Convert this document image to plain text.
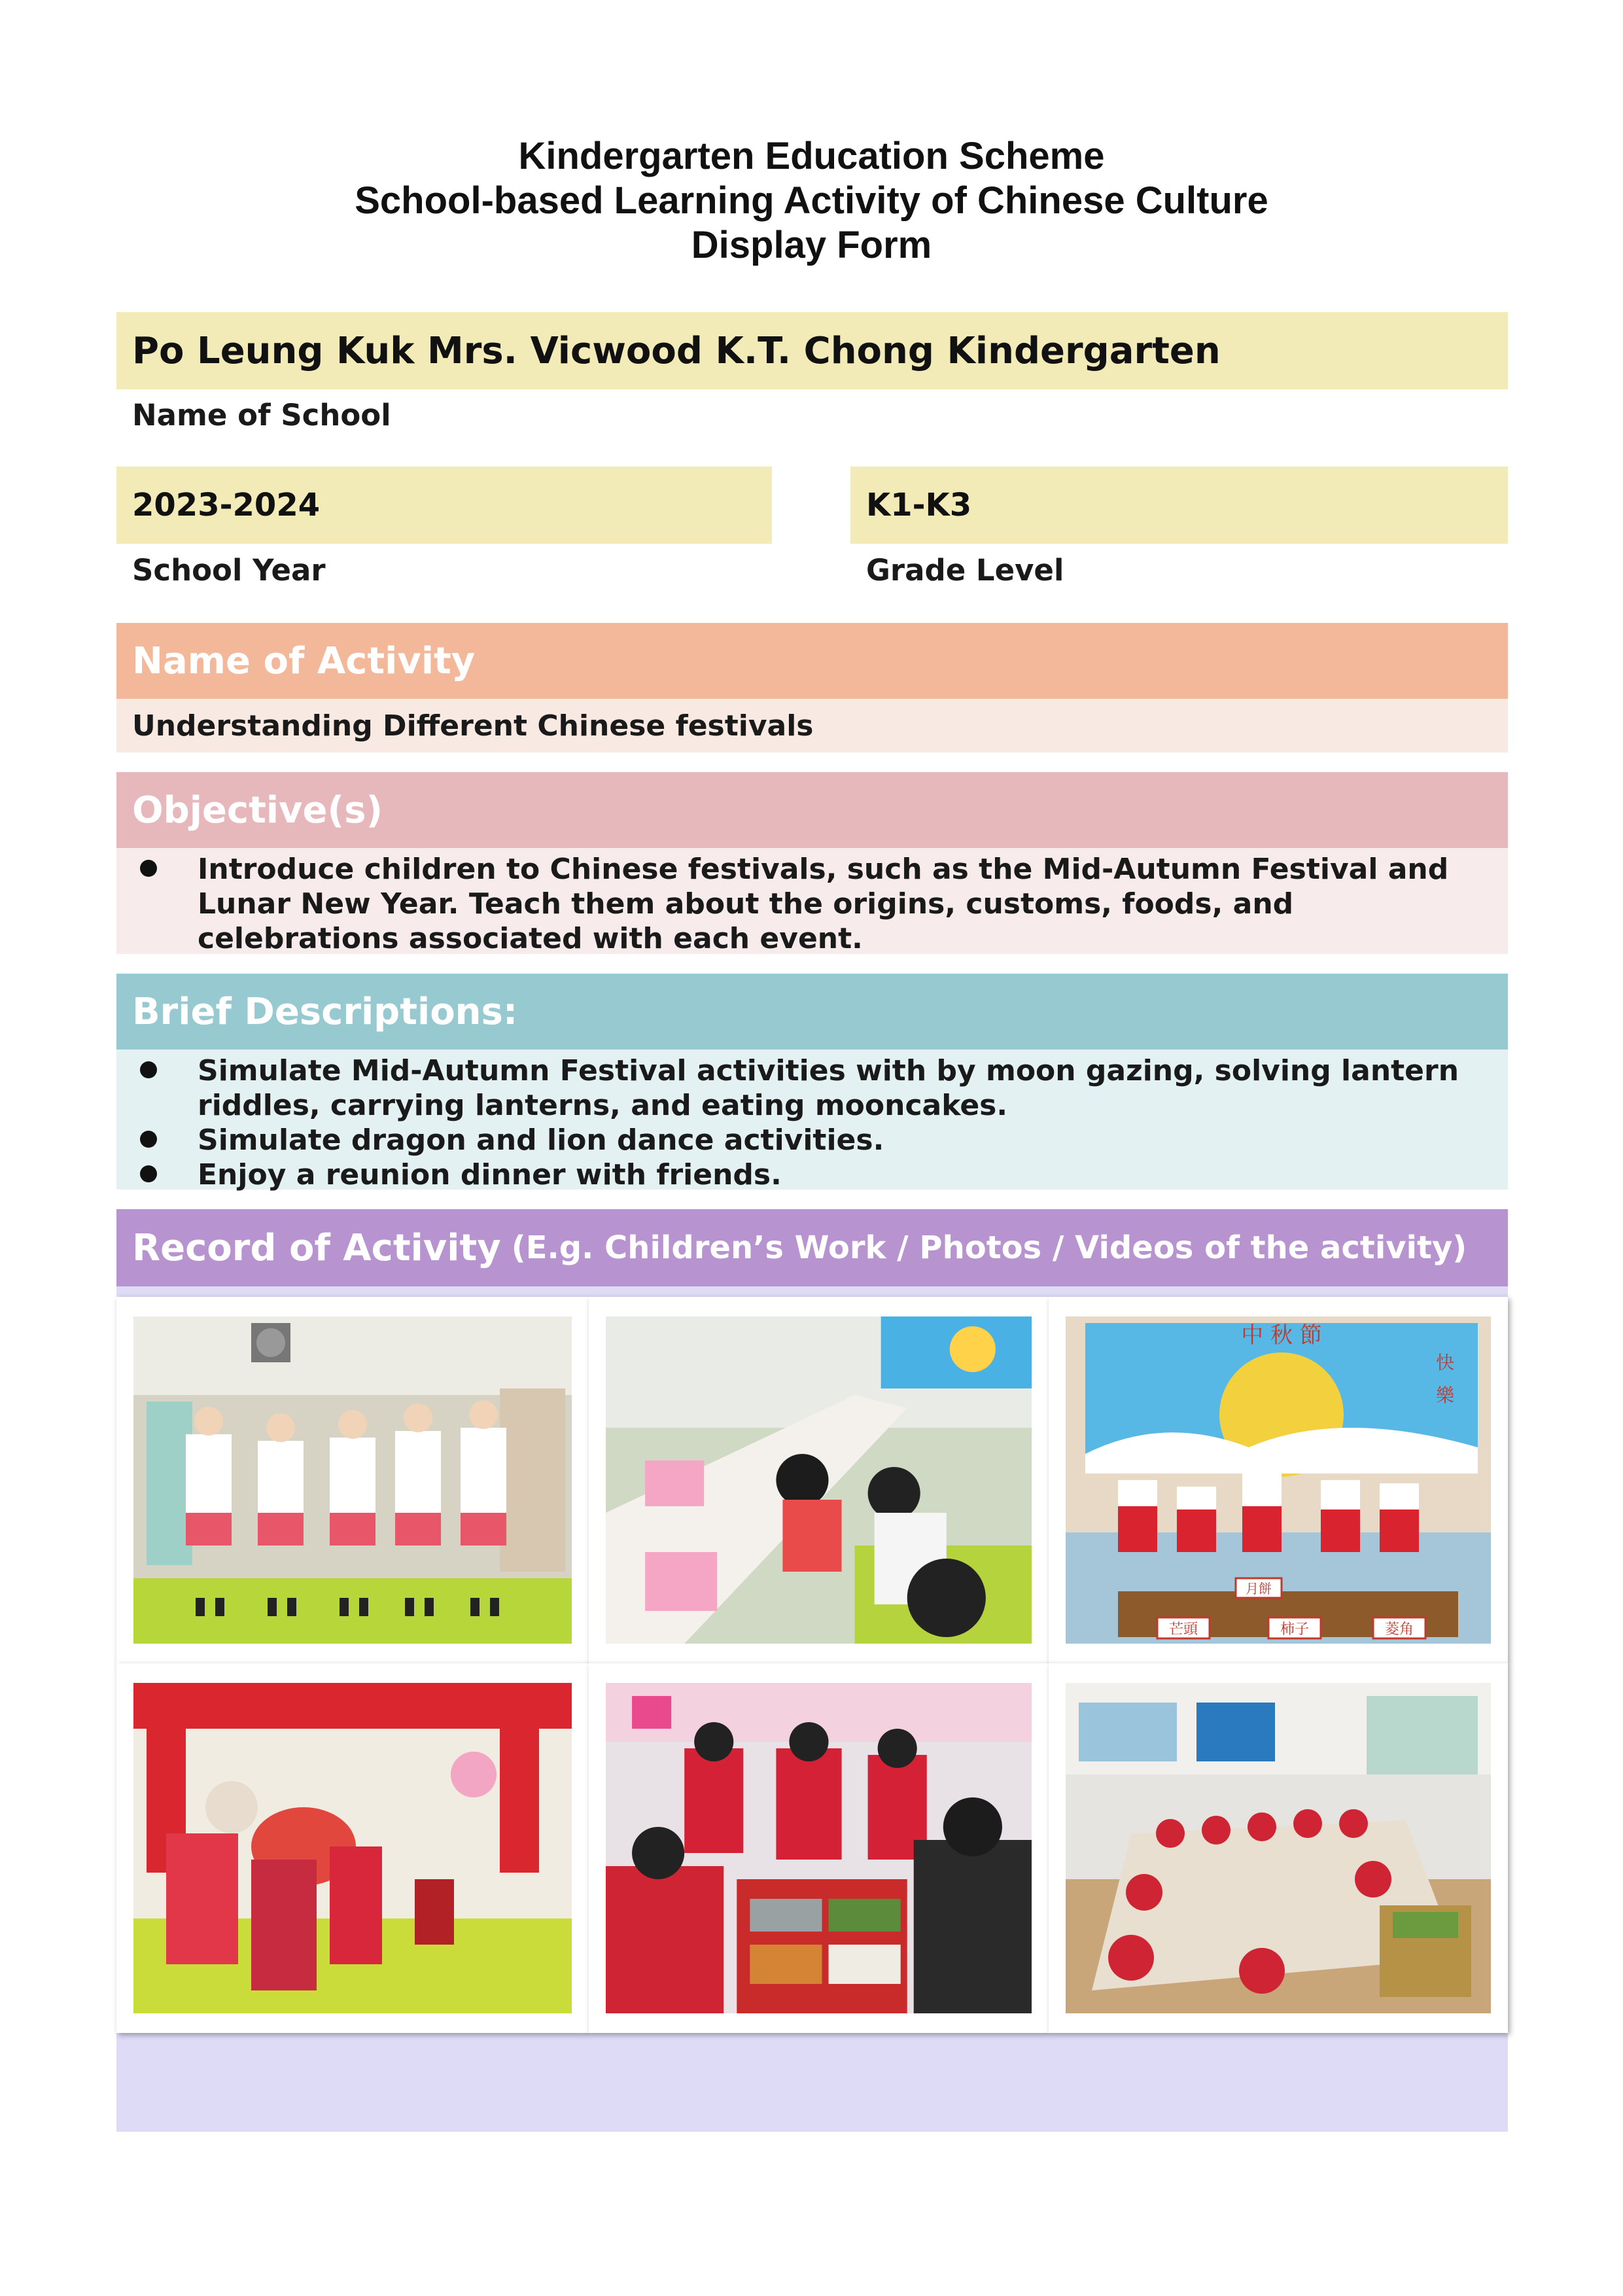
Kindergarten Education Scheme
School-based Learning Activity of Chinese Culture
Display Form
Po Leung Kuk Mrs. Vicwood K.T. Chong Kindergarten
Name of School
2023-2024
School Year
K1-K3
Grade Level
Name of Activity
Understanding Different Chinese festivals
Objective(s)
Introduce children to Chinese festivals, such as the Mid-Autumn Festival and Lunar New Year. Teach them about the origins, customs, foods, and celebrations associated with each event.
Brief Descriptions:
Simulate Mid-Autumn Festival activities with by moon gazing, solving lantern riddles, carrying lanterns, and eating mooncakes.
Simulate dragon and lion dance activities.
Enjoy a reunion dinner with friends.
Record of Activity (E.g. Children’s Work / Photos / Videos of the activity)
中 秋 節
快
樂
芒頭	柿子	菱角
月餅
